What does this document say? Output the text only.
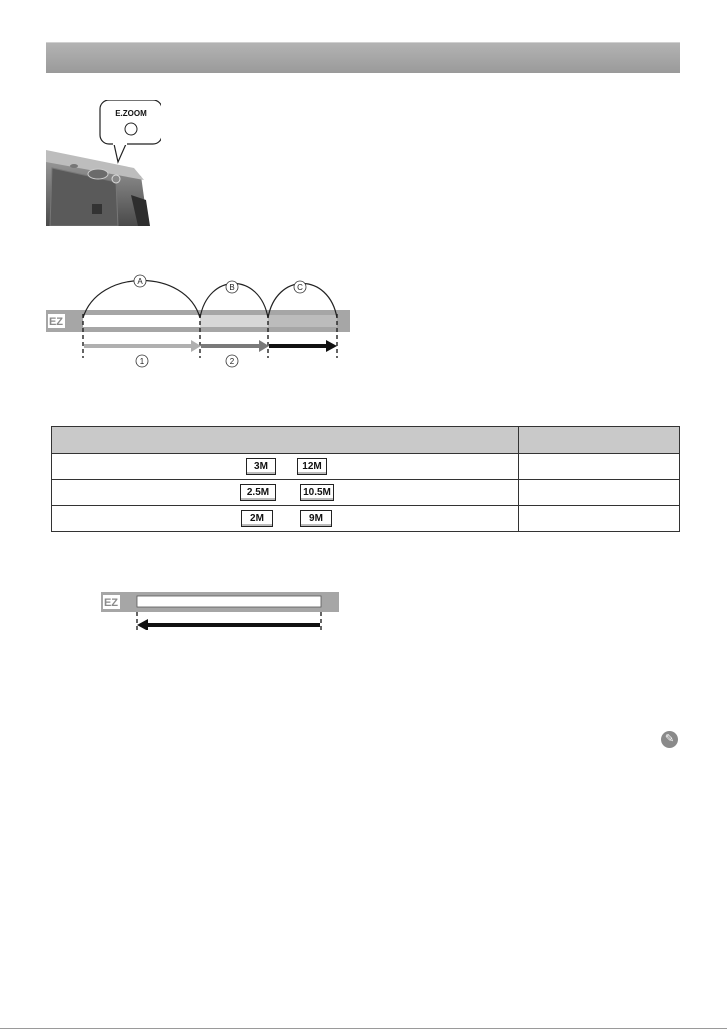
E.ZOOM
EZ
A
B	C
1	2

3M 12M	

2.5M 10.5M	

2M 9M	

EZ
✎
